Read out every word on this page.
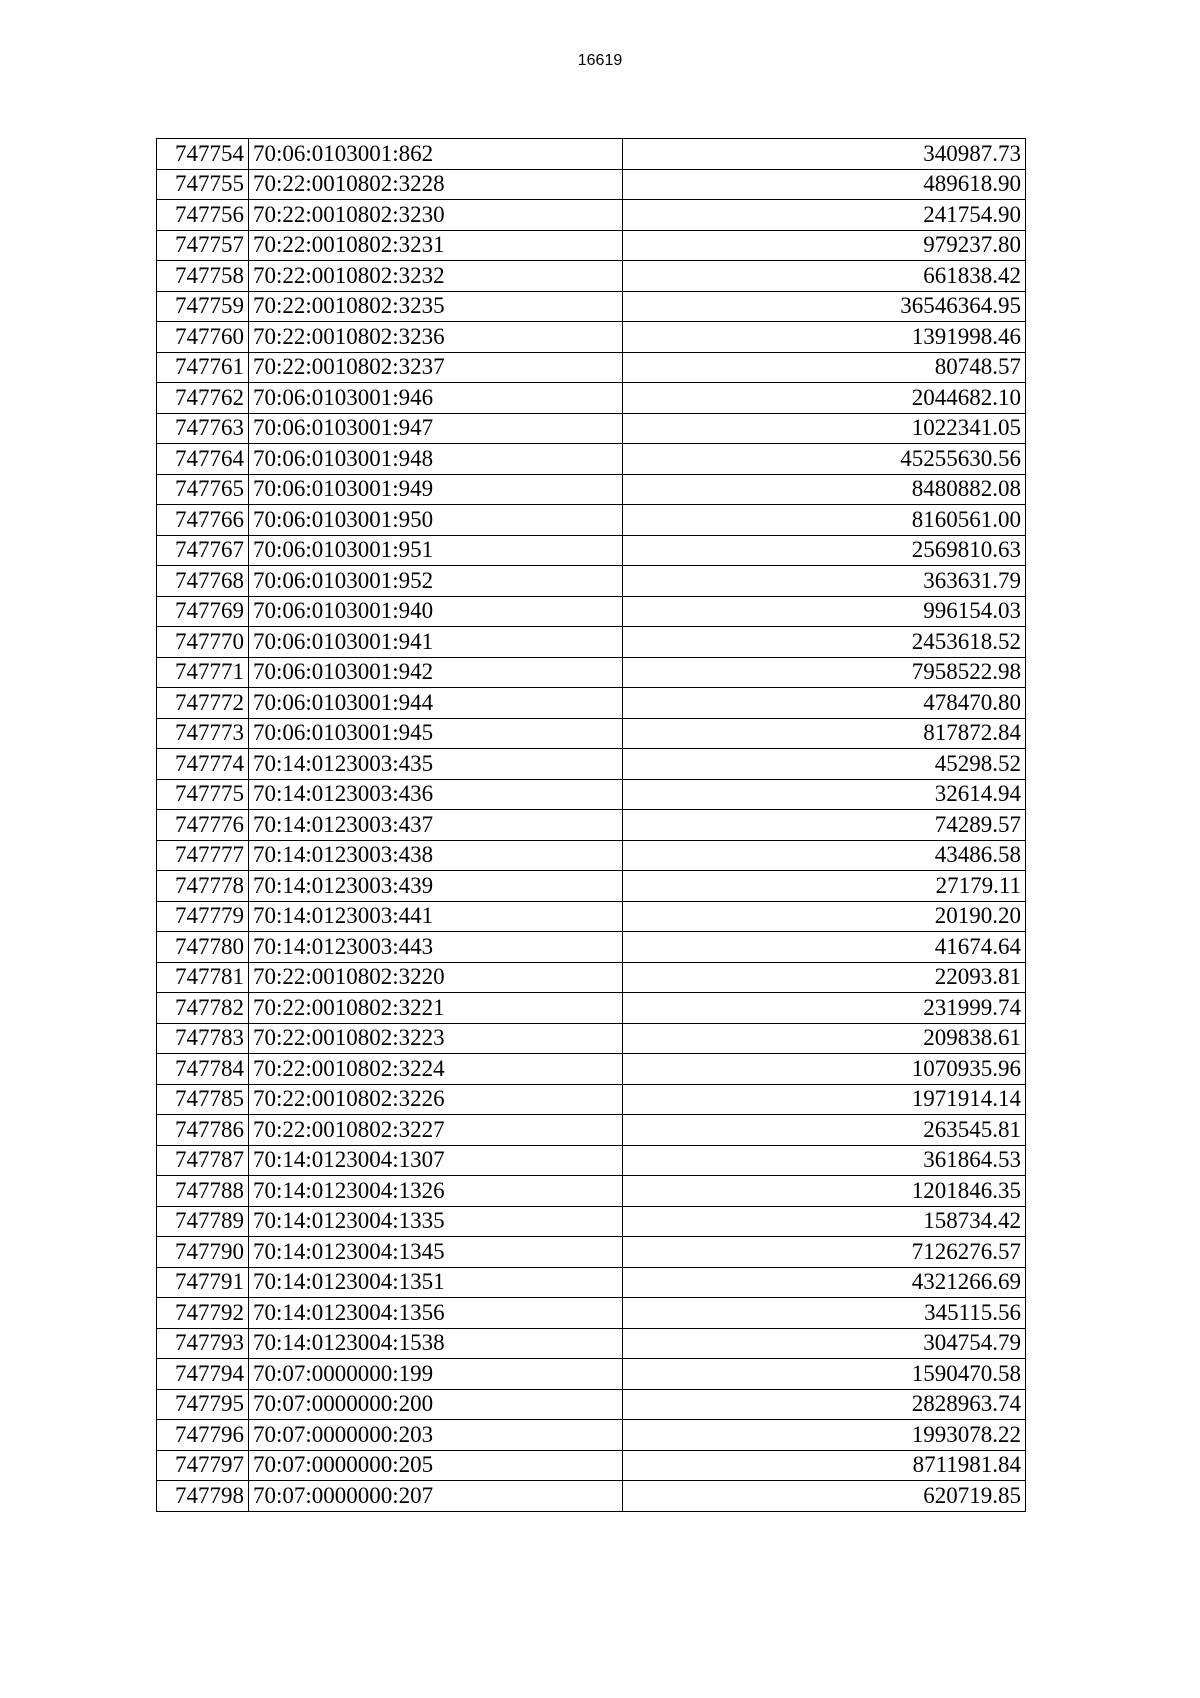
16619
747754	70:06:0103001:862	340987.73
747755	70:22:0010802:3228	489618.90
747756	70:22:0010802:3230	241754.90
747757	70:22:0010802:3231	979237.80
747758	70:22:0010802:3232	661838.42
747759	70:22:0010802:3235	36546364.95
747760	70:22:0010802:3236	1391998.46
747761	70:22:0010802:3237	80748.57
747762	70:06:0103001:946	2044682.10
747763	70:06:0103001:947	1022341.05
747764	70:06:0103001:948	45255630.56
747765	70:06:0103001:949	8480882.08
747766	70:06:0103001:950	8160561.00
747767	70:06:0103001:951	2569810.63
747768	70:06:0103001:952	363631.79
747769	70:06:0103001:940	996154.03
747770	70:06:0103001:941	2453618.52
747771	70:06:0103001:942	7958522.98
747772	70:06:0103001:944	478470.80
747773	70:06:0103001:945	817872.84
747774	70:14:0123003:435	45298.52
747775	70:14:0123003:436	32614.94
747776	70:14:0123003:437	74289.57
747777	70:14:0123003:438	43486.58
747778	70:14:0123003:439	27179.11
747779	70:14:0123003:441	20190.20
747780	70:14:0123003:443	41674.64
747781	70:22:0010802:3220	22093.81
747782	70:22:0010802:3221	231999.74
747783	70:22:0010802:3223	209838.61
747784	70:22:0010802:3224	1070935.96
747785	70:22:0010802:3226	1971914.14
747786	70:22:0010802:3227	263545.81
747787	70:14:0123004:1307	361864.53
747788	70:14:0123004:1326	1201846.35
747789	70:14:0123004:1335	158734.42
747790	70:14:0123004:1345	7126276.57
747791	70:14:0123004:1351	4321266.69
747792	70:14:0123004:1356	345115.56
747793	70:14:0123004:1538	304754.79
747794	70:07:0000000:199	1590470.58
747795	70:07:0000000:200	2828963.74
747796	70:07:0000000:203	1993078.22
747797	70:07:0000000:205	8711981.84
747798	70:07:0000000:207	620719.85
